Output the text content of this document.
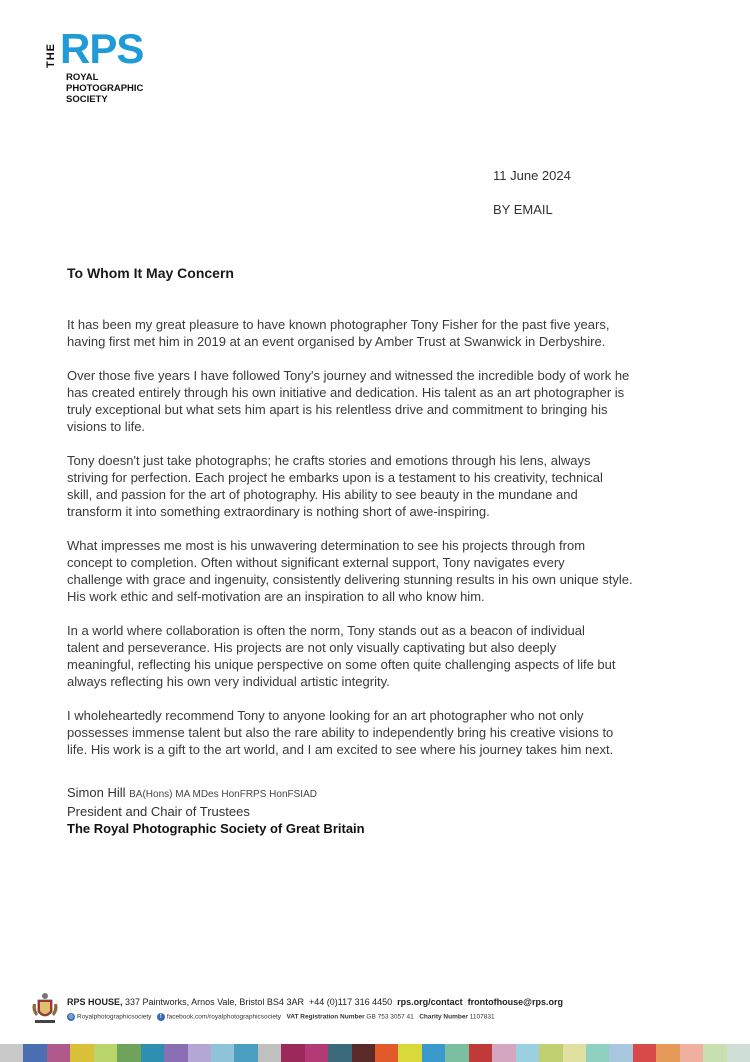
THE RPS
ROYAL
PHOTOGRAPHIC
SOCIETY
11 June 2024
BY EMAIL
To Whom It May Concern

It has been my great pleasure to have known photographer Tony Fisher for the past five years,
having first met him in 2019 at an event organised by Amber Trust at Swanwick in Derbyshire.

Over those five years I have followed Tony's journey and witnessed the incredible body of work he
has created entirely through his own initiative and dedication. His talent as an art photographer is
truly exceptional but what sets him apart is his relentless drive and commitment to bringing his
visions to life.

Tony doesn't just take photographs; he crafts stories and emotions through his lens, always
striving for perfection. Each project he embarks upon is a testament to his creativity, technical
skill, and passion for the art of photography. His ability to see beauty in the mundane and
transform it into something extraordinary is nothing short of awe-inspiring.

What impresses me most is his unwavering determination to see his projects through from
concept to completion. Often without significant external support, Tony navigates every
challenge with grace and ingenuity, consistently delivering stunning results in his own unique style.
His work ethic and self-motivation are an inspiration to all who know him.

In a world where collaboration is often the norm, Tony stands out as a beacon of individual
talent and perseverance. His projects are not only visually captivating but also deeply
meaningful, reflecting his unique perspective on some often quite challenging aspects of life but
always reflecting his own very individual artistic integrity.

I wholeheartedly recommend Tony to anyone looking for an art photographer who not only
possesses immense talent but also the rare ability to independently bring his creative visions to
life. His work is a gift to the art world, and I am excited to see where his journey takes him next.

Simon Hill BA(Hons) MA MDes HonFRPS HonFSIAD
President and Chair of Trustees
The Royal Photographic Society of Great Britain
RPS HOUSE, 337 Paintworks, Arnos Vale, Bristol BS4 3AR +44 (0)117 316 4450 rps.org/contact frontofhouse@rps.org
◎ Royalphotographicsociety f facebook.com/royalphotographicsociety VAT Registration Number GB 753 3057 41 Charity Number 1107831
